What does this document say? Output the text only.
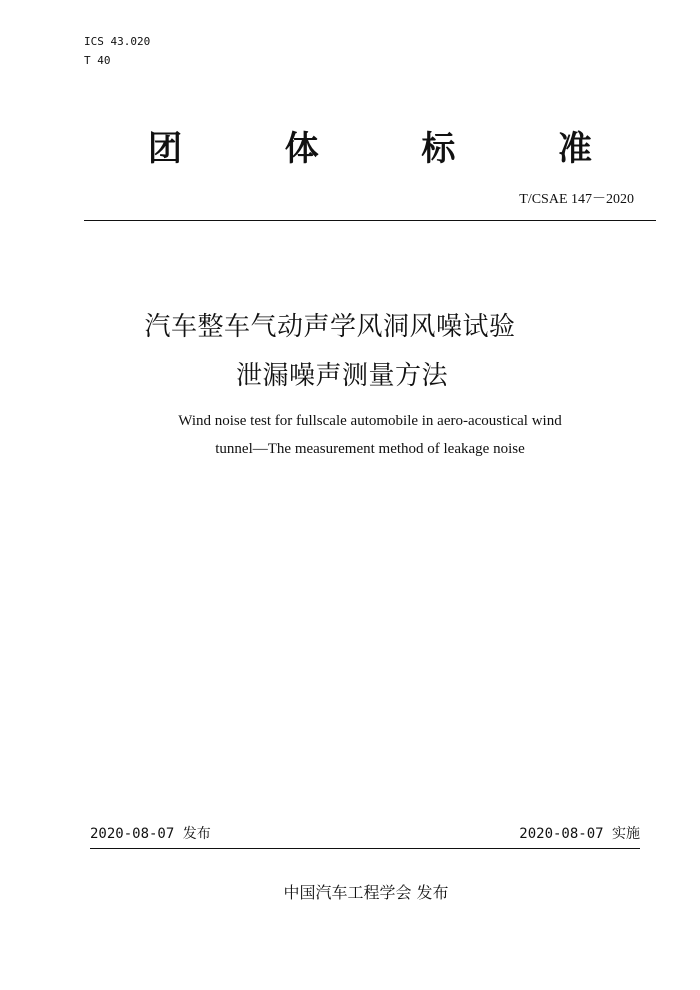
ICS 43.020
T 40
团	体	标	准
T/CSAE 147－2020
汽车整车气动声学风洞风噪试验
泄漏噪声测量方法
Wind noise test for fullscale automobile in aero-acoustical wind
tunnel—The measurement method of leakage noise
2020-08-07 发布	2020-08-07 实施
中国汽车工程学会 发布
